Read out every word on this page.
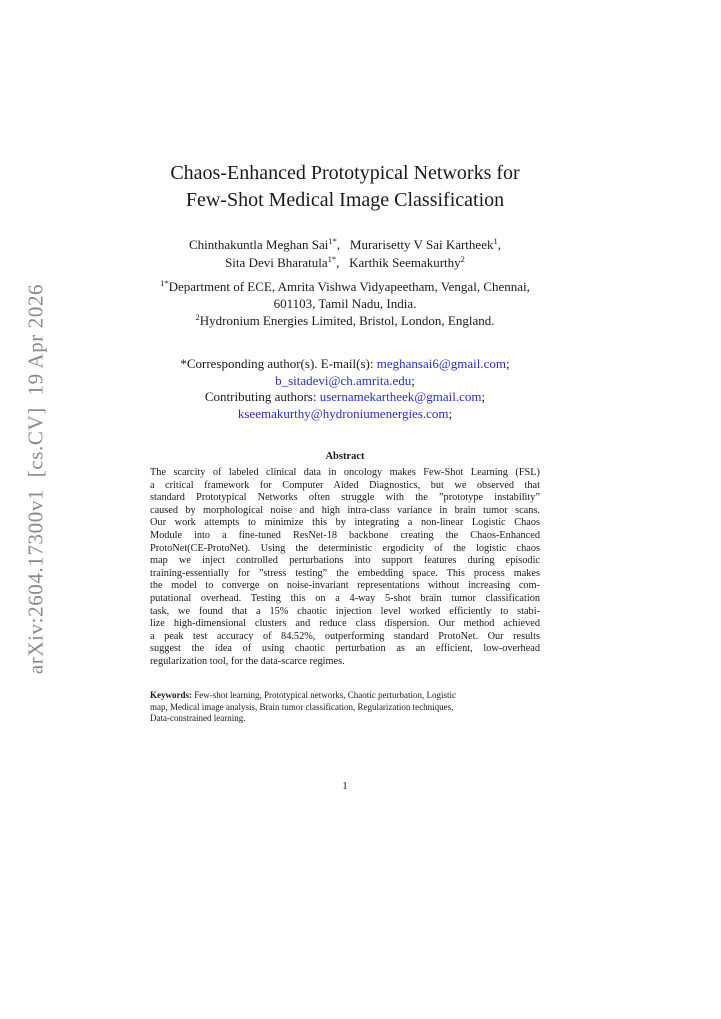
arXiv:2604.17300v1  [cs.CV]  19 Apr 2026
Chaos-Enhanced Prototypical Networks for
Few-Shot Medical Image Classification
Chinthakuntla Meghan Sai$^{1*}$,   Murarisetty V Sai Kartheek$^1$,
Sita Devi Bharatula$^{1*}$,   Karthik Seemakurthy$^2$
$^{1*}$Department of ECE, Amrita Vishwa Vidyapeetham, Vengal, Chennai,
601103, Tamil Nadu, India.
$^2$Hydronium Energies Limited, Bristol, London, England.
*Corresponding author(s). E-mail(s): meghansai6@gmail.com;
b_sitadevi@ch.amrita.edu;
Contributing authors: usernamekartheek@gmail.com;
kseemakurthy@hydroniumenergies.com;
Abstract
The scarcity of labeled clinical data in oncology makes Few-Shot Learning (FSL)
a critical framework for Computer Aided Diagnostics, but we observed that
standard Prototypical Networks often struggle with the ”prototype instability”
caused by morphological noise and high intra-class variance in brain tumor scans.
Our work attempts to minimize this by integrating a non-linear Logistic Chaos
Module into a fine-tuned ResNet-18 backbone creating the Chaos-Enhanced
ProtoNet(CE-ProtoNet). Using the deterministic ergodicity of the logistic chaos
map we inject controlled perturbations into support features during episodic
training-essentially for ”stress testing” the embedding space. This process makes
the model to converge on noise-invariant representations without increasing com-
putational overhead. Testing this on a 4-way 5-shot brain tumor classification
task, we found that a 15% chaotic injection level worked efficiently to stabi-
lize high-dimensional clusters and reduce class dispersion. Our method achieved
a peak test accuracy of 84.52%, outperforming standard ProtoNet. Our results
suggest the idea of using chaotic perturbation as an efficient, low-overhead
regularization tool, for the data-scarce regimes.
Keywords: Few-shot learning, Prototypical networks, Chaotic perturbation, Logistic
map, Medical image analysis, Brain tumor classification, Regularization techniques,
Data-constrained learning.
1
